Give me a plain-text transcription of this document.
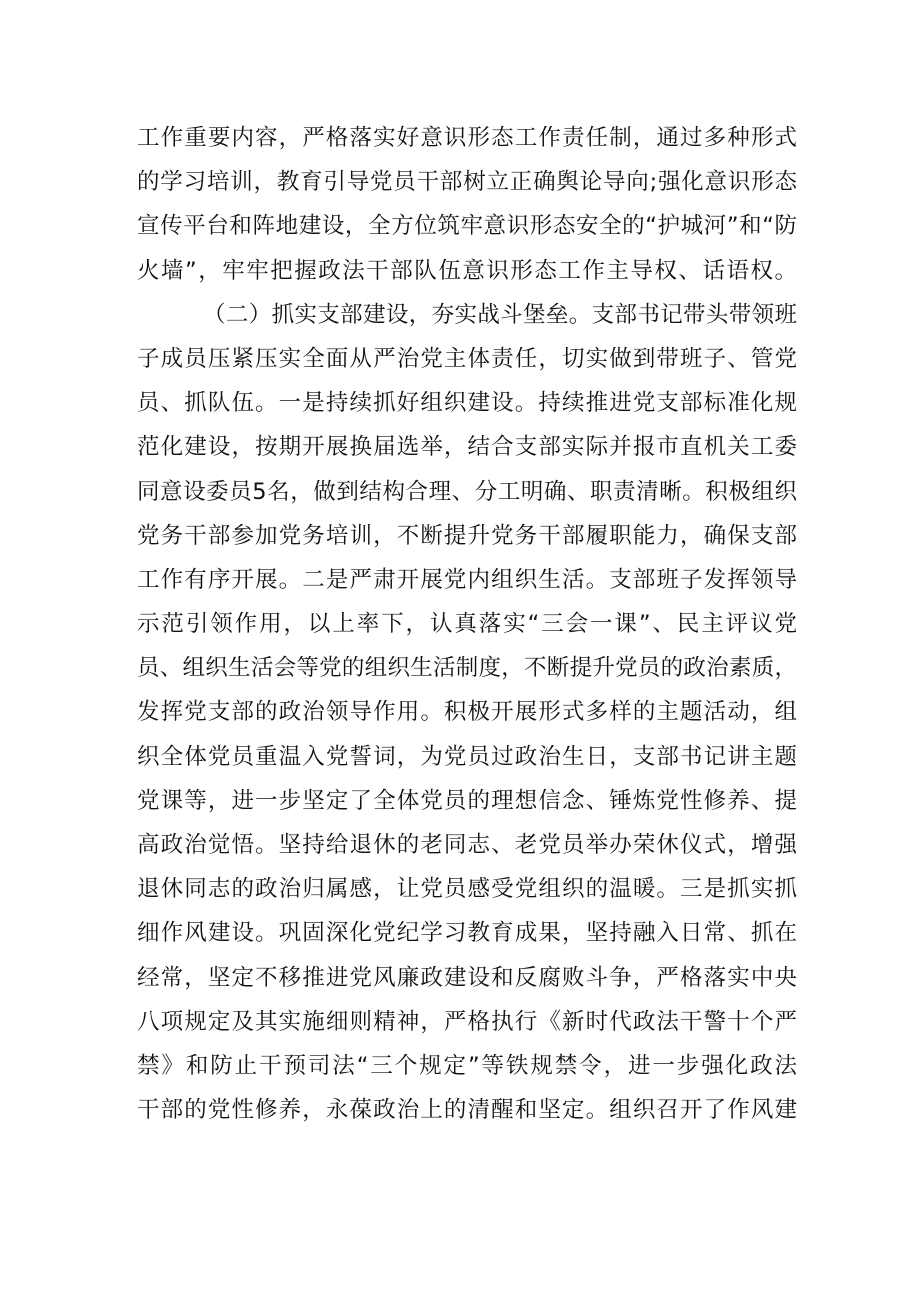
工作重要内容，严格落实好意识形态工作责任制，通过多种形式
的学习培训，教育引导党员干部树立正确舆论导向;强化意识形态
宣传平台和阵地建设，全方位筑牢意识形态安全的“护城河”和“防
火墙”，牢牢把握政法干部队伍意识形态工作主导权、话语权。
（二）抓实支部建设，夯实战斗堡垒。支部书记带头带领班
子成员压紧压实全面从严治党主体责任，切实做到带班子、管党
员、抓队伍。一是持续抓好组织建设。持续推进党支部标准化规
范化建设，按期开展换届选举，结合支部实际并报市直机关工委
同意设委员5名，做到结构合理、分工明确、职责清晰。积极组织
党务干部参加党务培训，不断提升党务干部履职能力，确保支部
工作有序开展。二是严肃开展党内组织生活。支部班子发挥领导
示范引领作用，以上率下，认真落实“三会一课”、民主评议党
员、组织生活会等党的组织生活制度，不断提升党员的政治素质，
发挥党支部的政治领导作用。积极开展形式多样的主题活动，组
织全体党员重温入党誓词，为党员过政治生日，支部书记讲主题
党课等，进一步坚定了全体党员的理想信念、锤炼党性修养、提
高政治觉悟。坚持给退休的老同志、老党员举办荣休仪式，增强
退休同志的政治归属感，让党员感受党组织的温暖。三是抓实抓
细作风建设。巩固深化党纪学习教育成果，坚持融入日常、抓在
经常，坚定不移推进党风廉政建设和反腐败斗争，严格落实中央
八项规定及其实施细则精神，严格执行《新时代政法干警十个严
禁》和防止干预司法“三个规定”等铁规禁令，进一步强化政法
干部的党性修养，永葆政治上的清醒和坚定。组织召开了作风建
